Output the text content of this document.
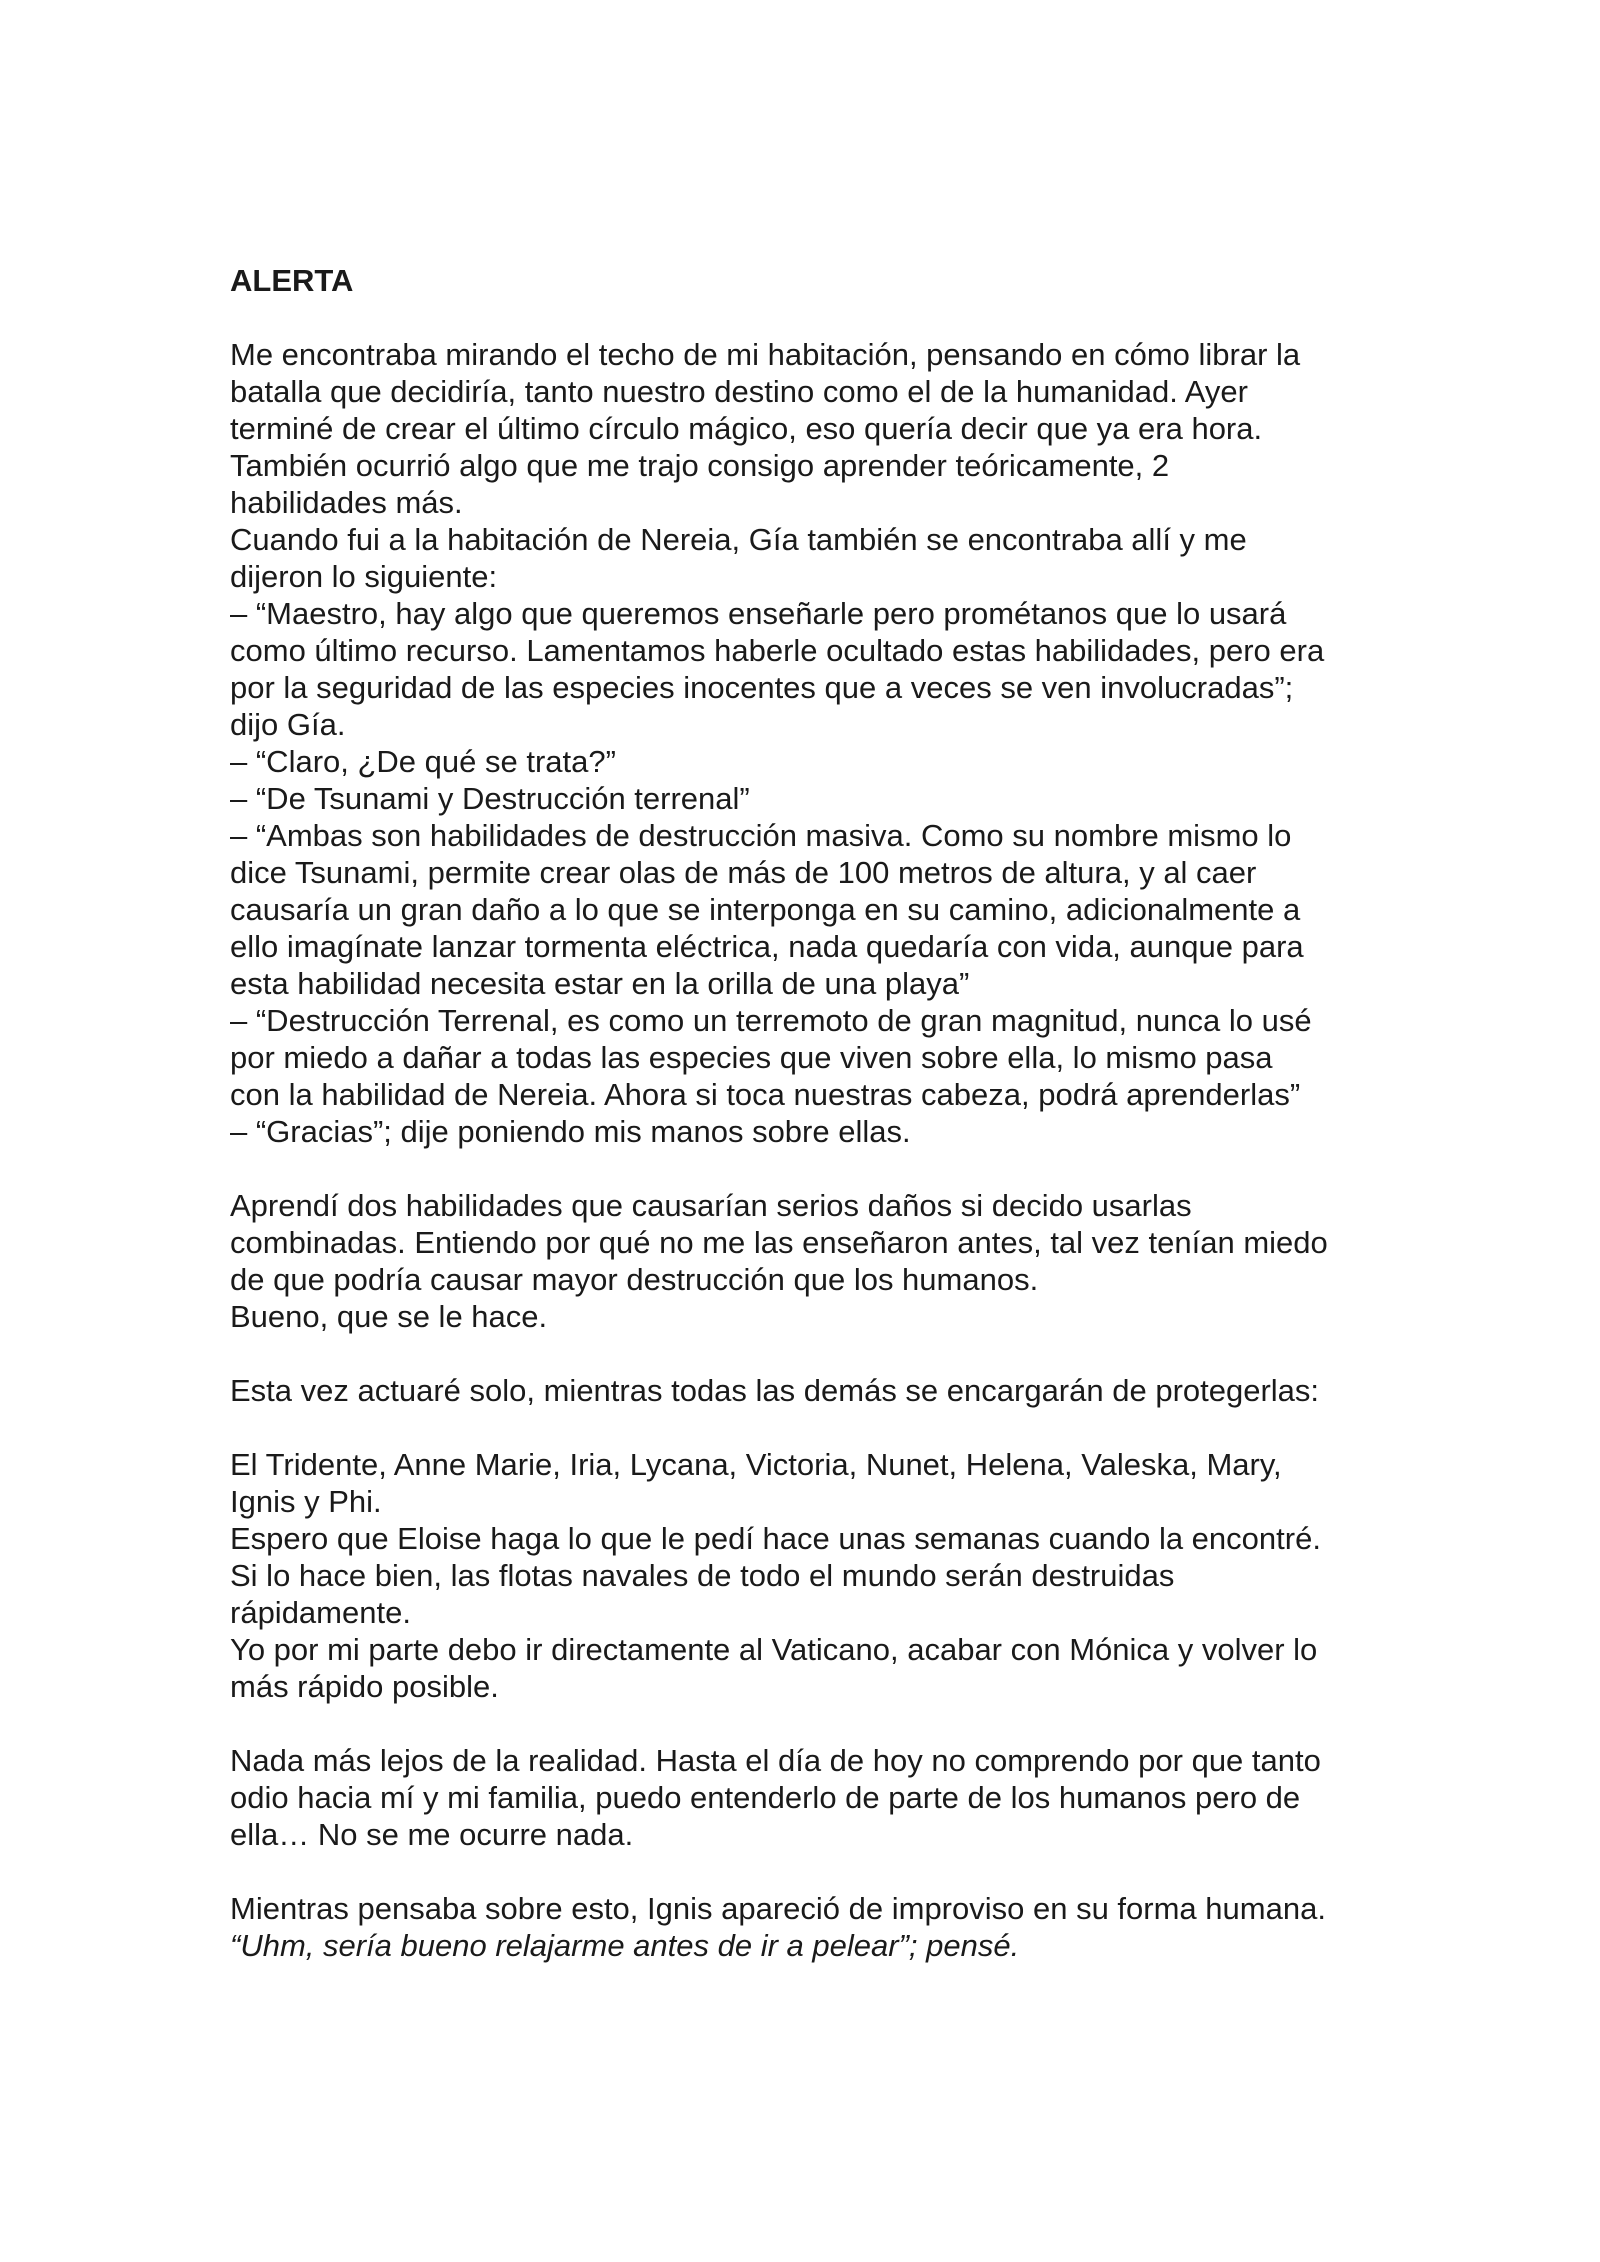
ALERTA
Me encontraba mirando el techo de mi habitación, pensando en cómo librar la
batalla que decidiría, tanto nuestro destino como el de la humanidad. Ayer
terminé de crear el último círculo mágico, eso quería decir que ya era hora.
También ocurrió algo que me trajo consigo aprender teóricamente, 2
habilidades más.
Cuando fui a la habitación de Nereia, Gía también se encontraba allí y me
dijeron lo siguiente:
– “Maestro, hay algo que queremos enseñarle pero prométanos que lo usará
como último recurso. Lamentamos haberle ocultado estas habilidades, pero era
por la seguridad de las especies inocentes que a veces se ven involucradas”;
dijo Gía.
– “Claro, ¿De qué se trata?”
– “De Tsunami y Destrucción terrenal”
– “Ambas son habilidades de destrucción masiva. Como su nombre mismo lo
dice Tsunami, permite crear olas de más de 100 metros de altura, y al caer
causaría un gran daño a lo que se interponga en su camino, adicionalmente a
ello imagínate lanzar tormenta eléctrica, nada quedaría con vida, aunque para
esta habilidad necesita estar en la orilla de una playa”
– “Destrucción Terrenal, es como un terremoto de gran magnitud, nunca lo usé
por miedo a dañar a todas las especies que viven sobre ella, lo mismo pasa
con la habilidad de Nereia. Ahora si toca nuestras cabeza, podrá aprenderlas”
– “Gracias”; dije poniendo mis manos sobre ellas.
Aprendí dos habilidades que causarían serios daños si decido usarlas
combinadas. Entiendo por qué no me las enseñaron antes, tal vez tenían miedo
de que podría causar mayor destrucción que los humanos.
Bueno, que se le hace.
Esta vez actuaré solo, mientras todas las demás se encargarán de protegerlas:
El Tridente, Anne Marie, Iria, Lycana, Victoria, Nunet, Helena, Valeska, Mary,
Ignis y Phi.
Espero que Eloise haga lo que le pedí hace unas semanas cuando la encontré.
Si lo hace bien, las flotas navales de todo el mundo serán destruidas
rápidamente.
Yo por mi parte debo ir directamente al Vaticano, acabar con Mónica y volver lo
más rápido posible.
Nada más lejos de la realidad. Hasta el día de hoy no comprendo por que tanto
odio hacia mí y mi familia, puedo entenderlo de parte de los humanos pero de
ella… No se me ocurre nada.
Mientras pensaba sobre esto, Ignis apareció de improviso en su forma humana.
“Uhm, sería bueno relajarme antes de ir a pelear”; pensé.
